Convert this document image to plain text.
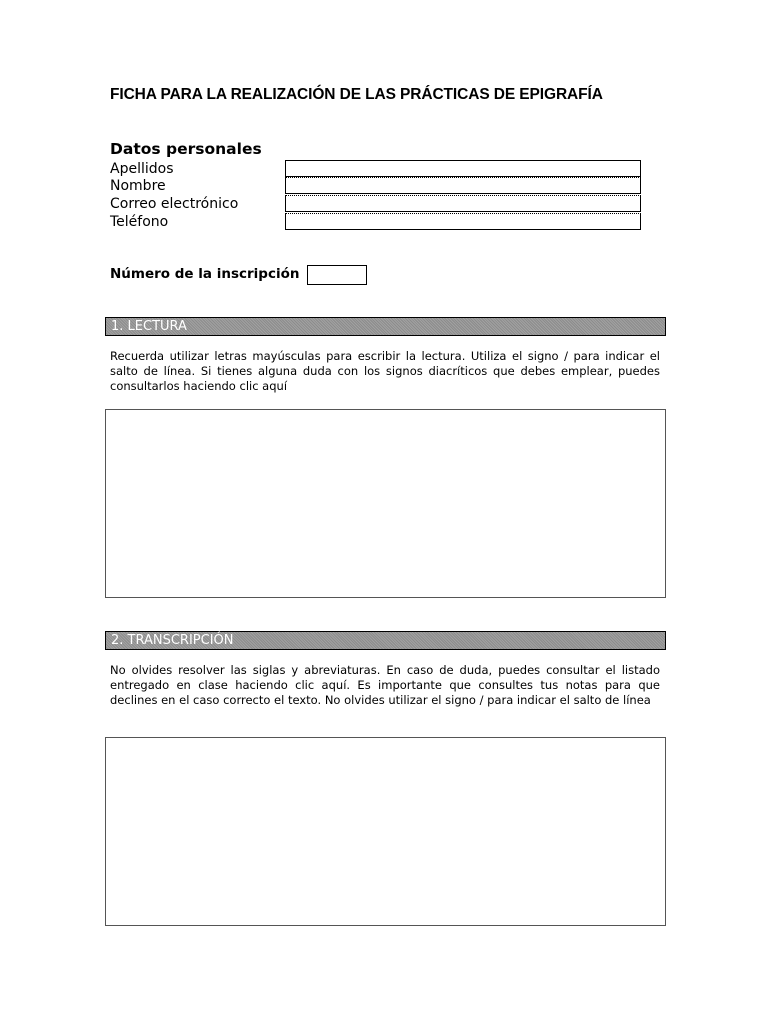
FICHA PARA LA REALIZACIÓN DE LAS PRÁCTICAS DE EPIGRAFÍA
Datos personales
Apellidos
Nombre
Correo electrónico
Teléfono
Número de la inscripción
1. LECTURA
Recuerda utilizar letras mayúsculas para escribir la lectura. Utiliza el signo / para indicar el salto de línea. Si tienes alguna duda con los signos diacríticos que debes emplear, puedes consultarlos haciendo clic aquí
2. TRANSCRIPCIÓN
No olvides resolver las siglas y abreviaturas. En caso de duda, puedes consultar el listado entregado en clase haciendo clic aquí. Es importante que consultes tus notas para que declines en el caso correcto el texto. No olvides utilizar el signo / para indicar el salto de línea
